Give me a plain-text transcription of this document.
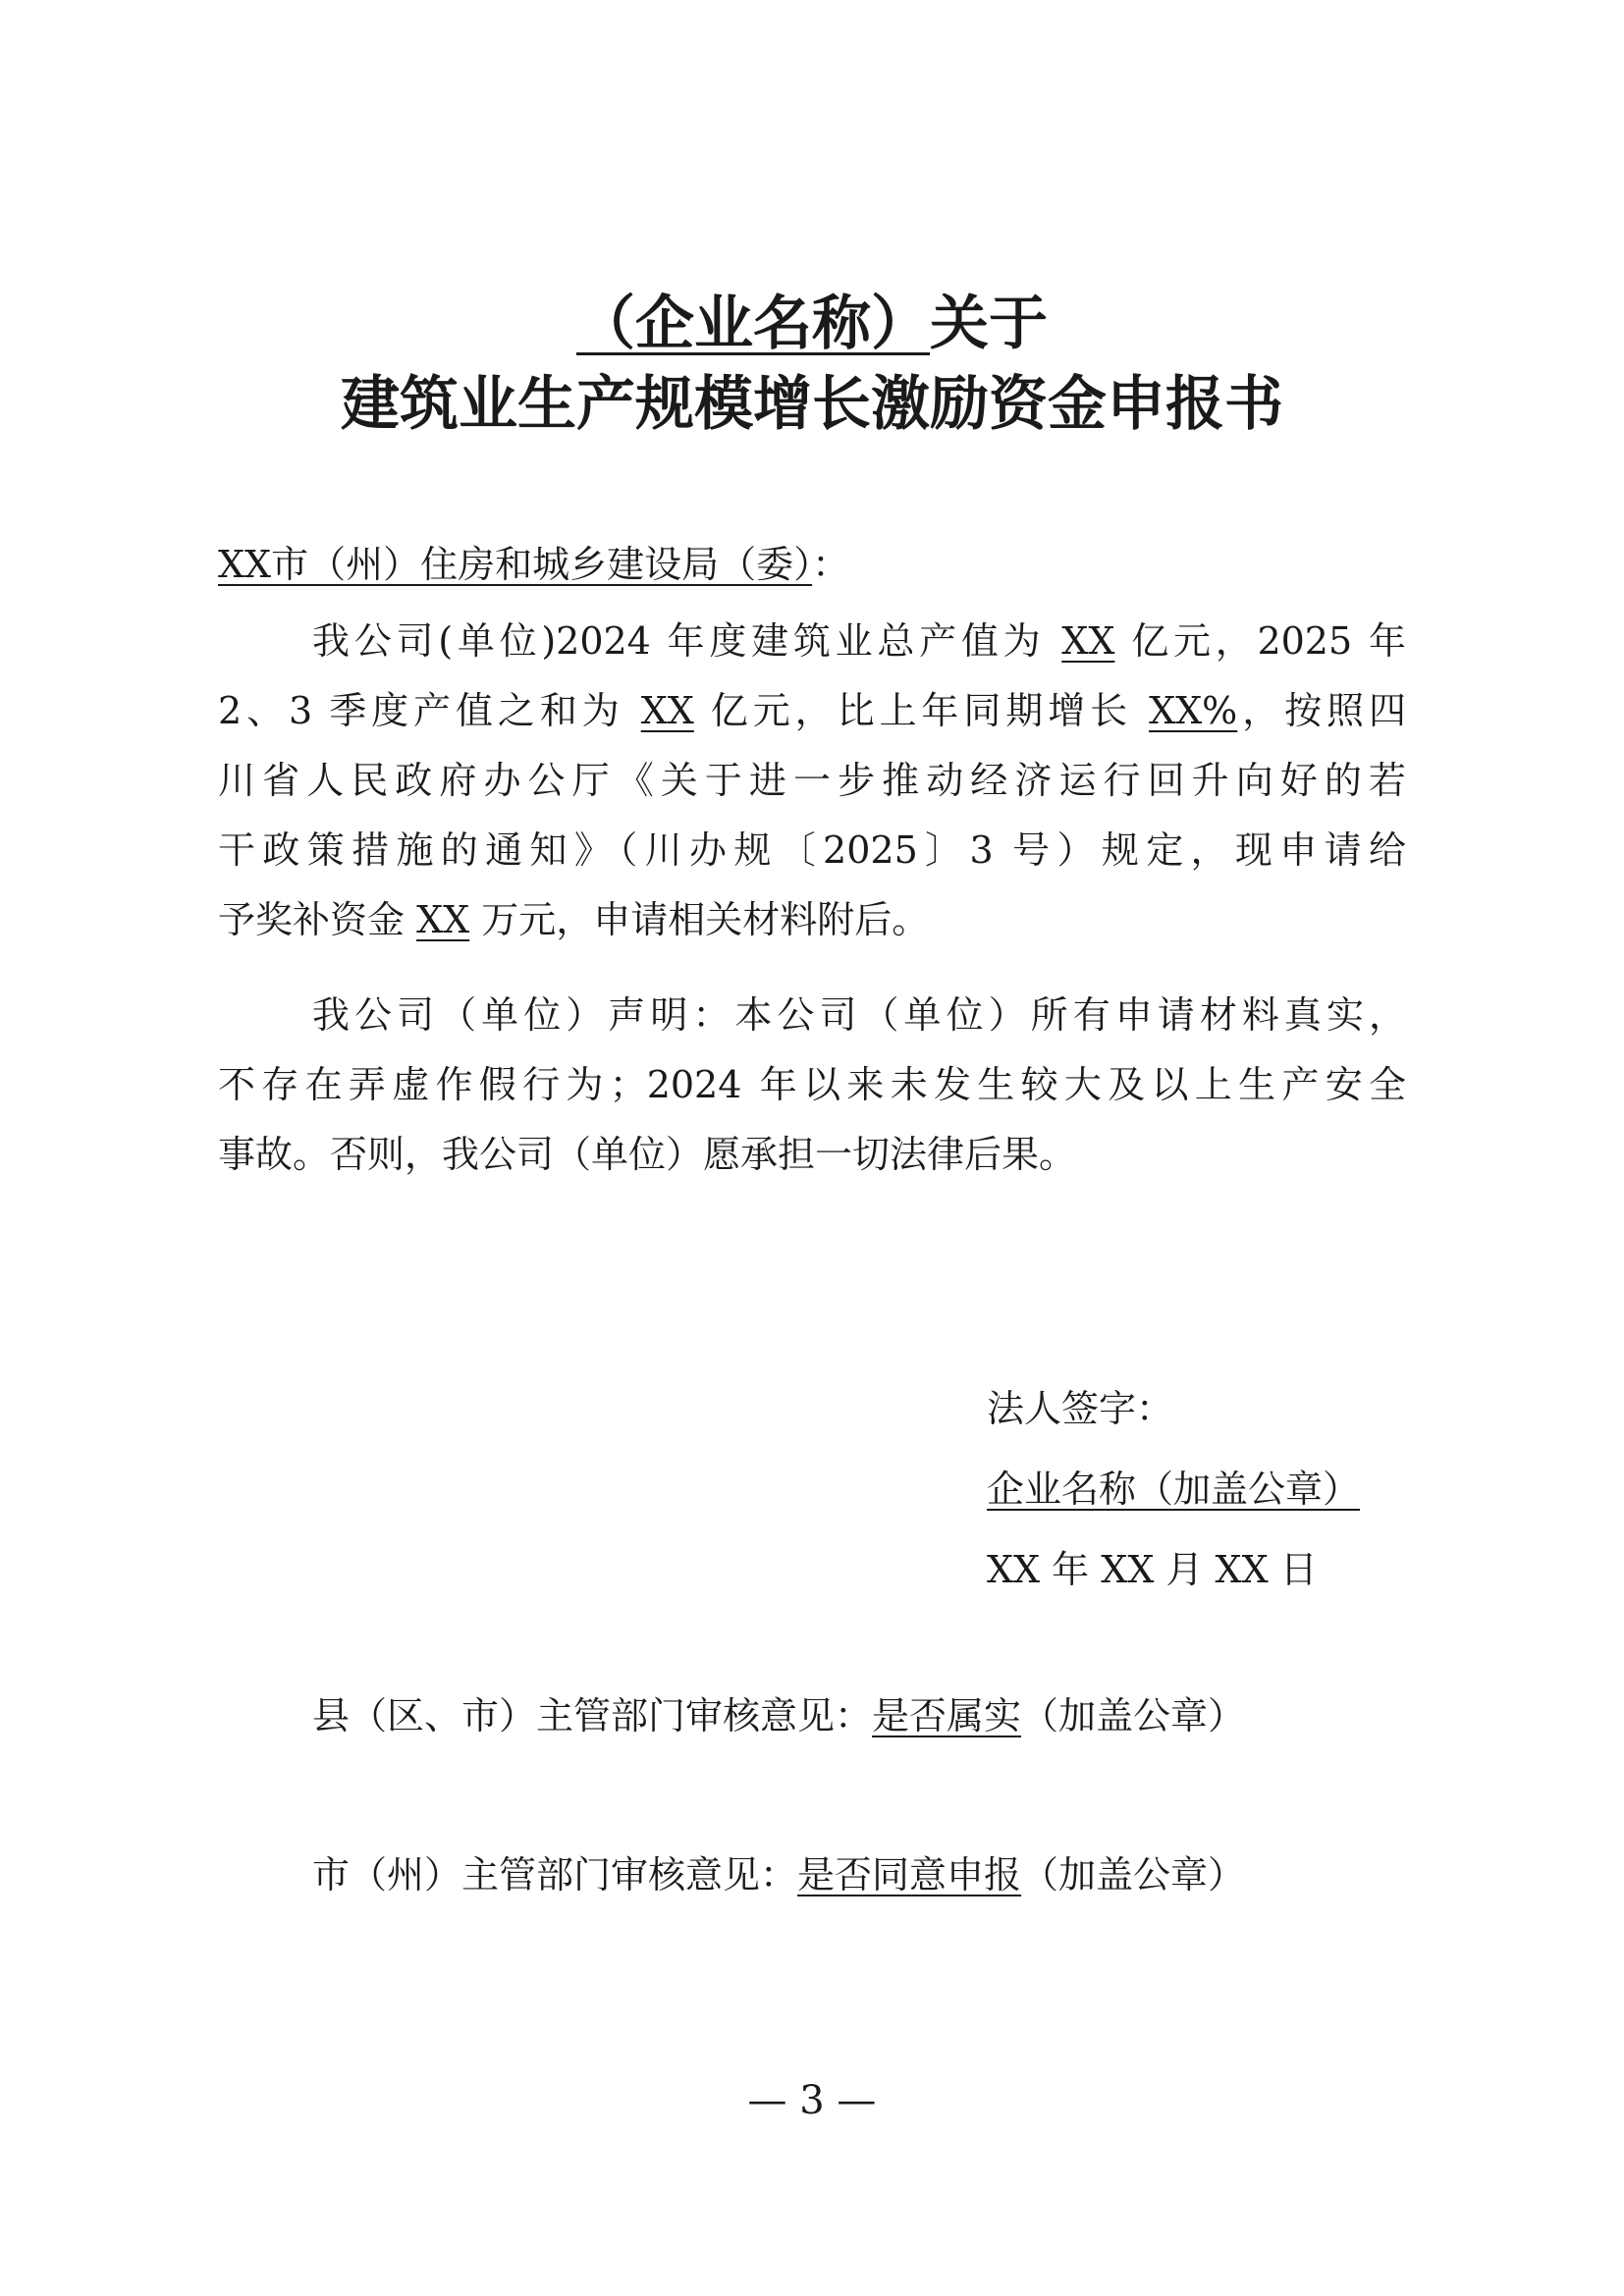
（企业名称）关于
建筑业生产规模增长激励资金申报书
XX市（州）住房和城乡建设局（委）：
我公司(单位)2024 年度建筑业总产值为 XX 亿元，2025 年
2、3 季度产值之和为 XX 亿元，比上年同期增长 XX%，按照四
川省人民政府办公厅《关于进一步推动经济运行回升向好的若
干政策措施的通知》（川办规〔2025〕3 号）规定，现申请给
予奖补资金 XX 万元，申请相关材料附后。
我公司（单位）声明：本公司（单位）所有申请材料真实，
不存在弄虚作假行为；2024 年以来未发生较大及以上生产安全
事故。否则，我公司（单位）愿承担一切法律后果。
法人签字：
企业名称（加盖公章）
XX 年 XX 月 XX 日
县（区、市）主管部门审核意见：是否属实（加盖公章）
市（州）主管部门审核意见：是否同意申报（加盖公章）
— 3 —
